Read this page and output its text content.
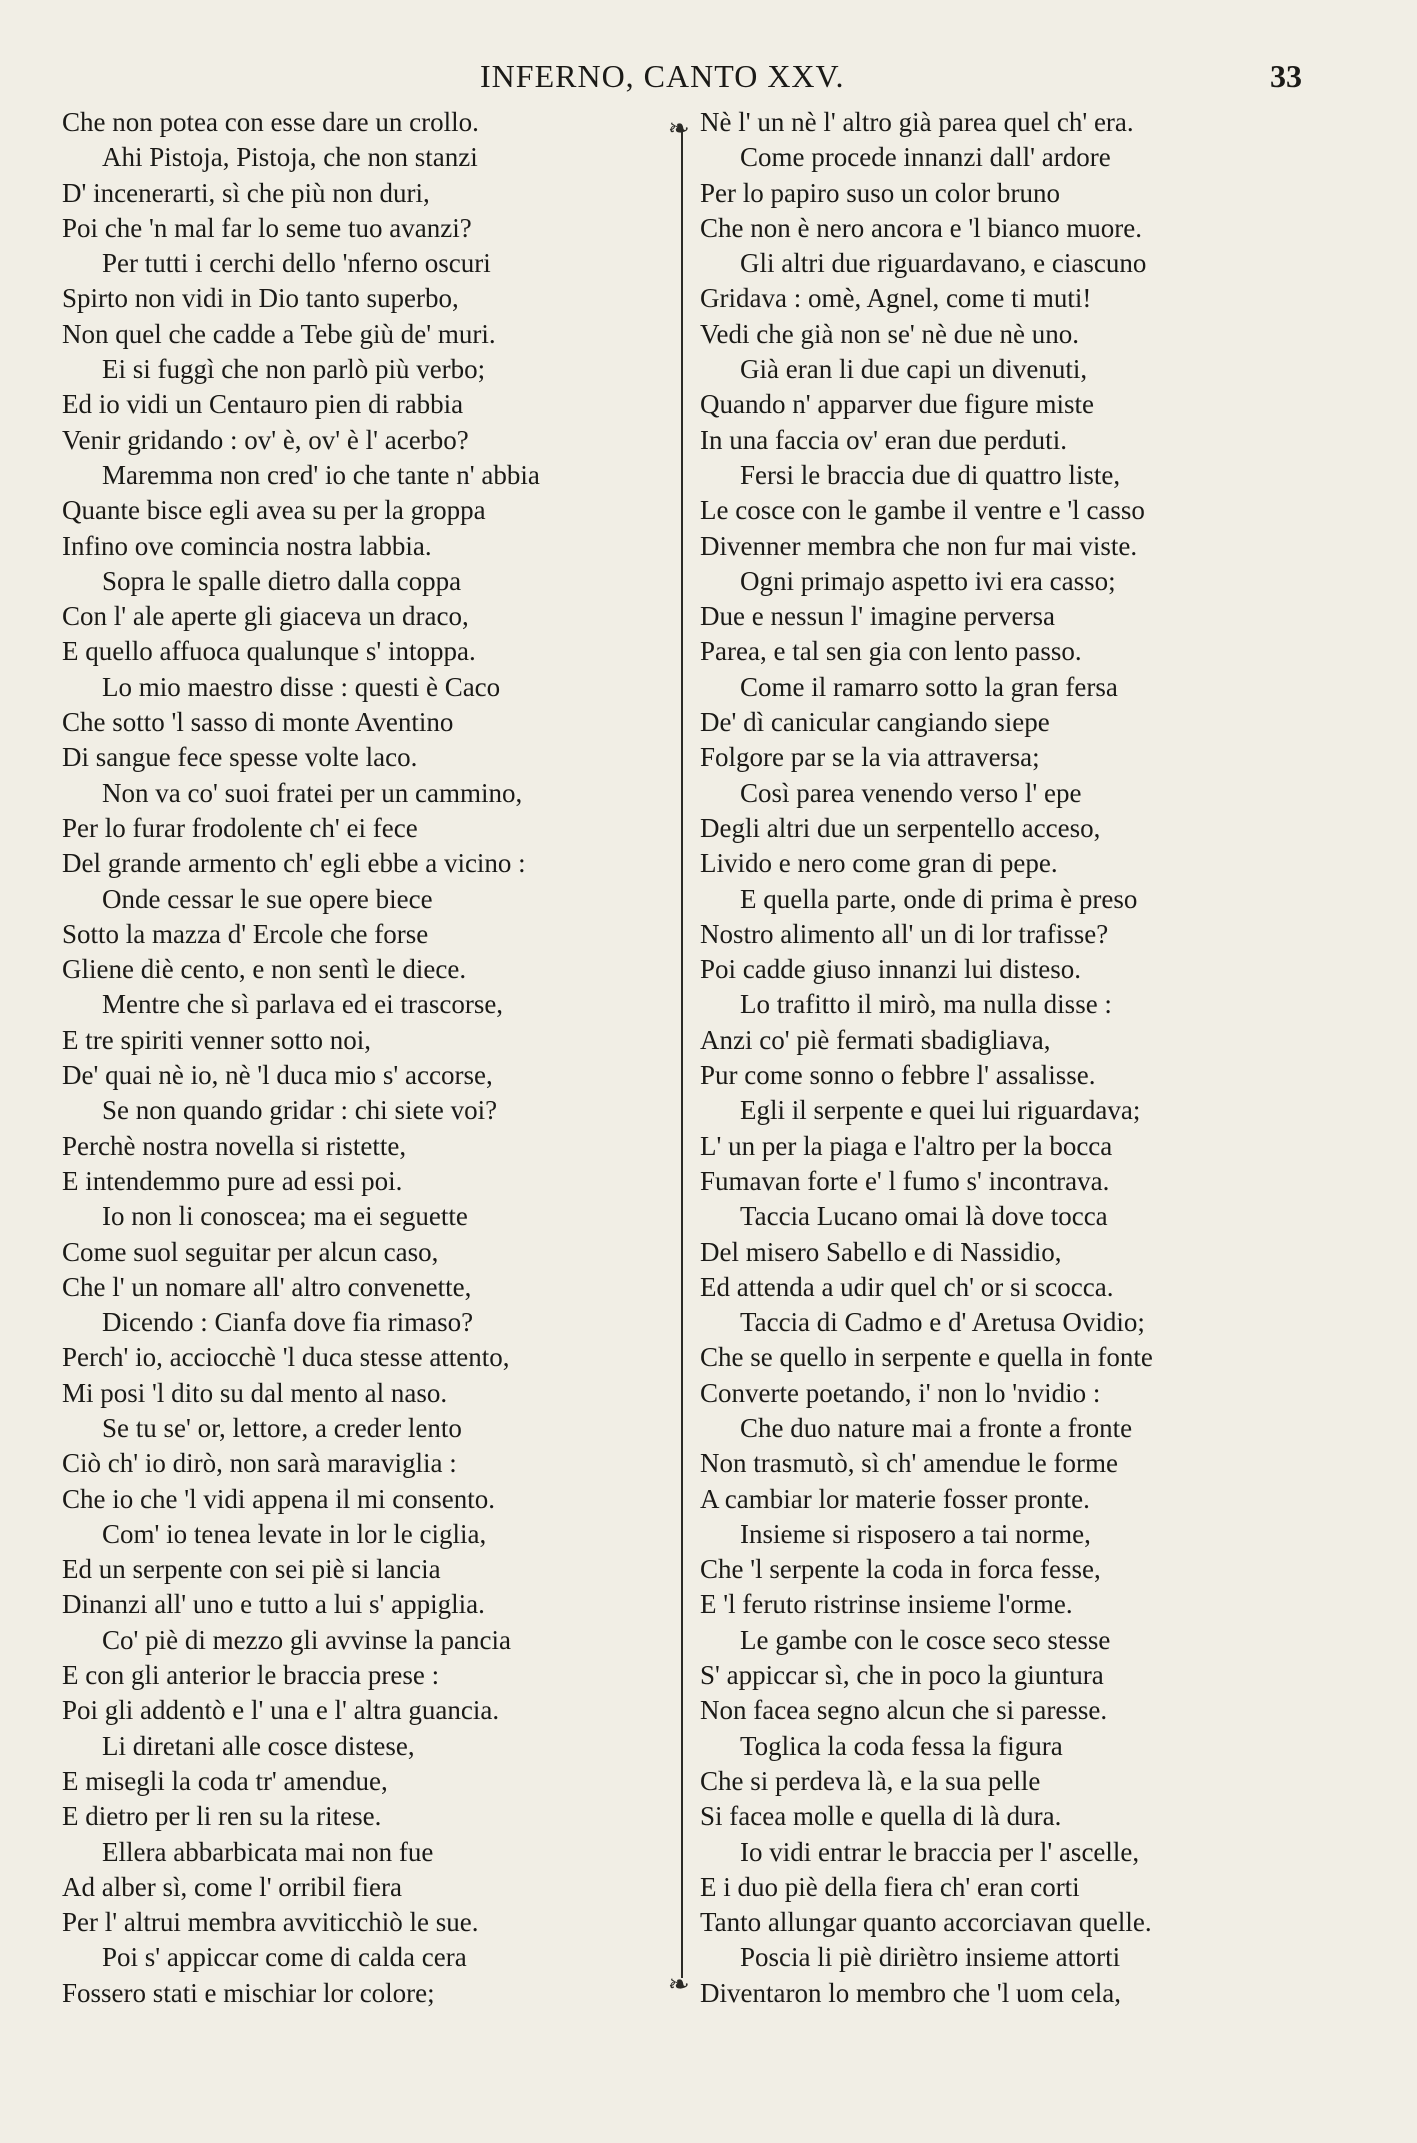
INFERNO, CANTO XXV.	33
Che non potea con esse dare un crollo.
Ahi Pistoja, Pistoja, che non stanzi
D' incenerarti, sì che più non duri,
Poi che 'n mal far lo seme tuo avanzi?
Per tutti i cerchi dello 'nferno oscuri
Spirto non vidi in Dio tanto superbo,
Non quel che cadde a Tebe giù de' muri.
Ei si fuggì che non parlò più verbo;
Ed io vidi un Centauro pien di rabbia
Venir gridando : ov' è, ov' è l' acerbo?
Maremma non cred' io che tante n' abbia
Quante bisce egli avea su per la groppa
Infino ove comincia nostra labbia.
Sopra le spalle dietro dalla coppa
Con l' ale aperte gli giaceva un draco,
E quello affuoca qualunque s' intoppa.
Lo mio maestro disse : questi è Caco
Che sotto 'l sasso di monte Aventino
Di sangue fece spesse volte laco.
Non va co' suoi fratei per un cammino,
Per lo furar frodolente ch' ei fece
Del grande armento ch' egli ebbe a vicino :
Onde cessar le sue opere biece
Sotto la mazza d' Ercole che forse
Gliene diè cento, e non sentì le diece.
Mentre che sì parlava ed ei trascorse,
E tre spiriti venner sotto noi,
De' quai nè io, nè 'l duca mio s' accorse,
Se non quando gridar : chi siete voi?
Perchè nostra novella si ristette,
E intendemmo pure ad essi poi.
Io non li conoscea; ma ei seguette
Come suol seguitar per alcun caso,
Che l' un nomare all' altro convenette,
Dicendo : Cianfa dove fia rimaso?
Perch' io, acciocchè 'l duca stesse attento,
Mi posi 'l dito su dal mento al naso.
Se tu se' or, lettore, a creder lento
Ciò ch' io dirò, non sarà maraviglia :
Che io che 'l vidi appena il mi consento.
Com' io tenea levate in lor le ciglia,
Ed un serpente con sei piè si lancia
Dinanzi all' uno e tutto a lui s' appiglia.
Co' piè di mezzo gli avvinse la pancia
E con gli anterior le braccia prese :
Poi gli addentò e l' una e l' altra guancia.
Li diretani alle cosce distese,
E misegli la coda tr' amendue,
E dietro per li ren su la ritese.
Ellera abbarbicata mai non fue
Ad alber sì, come l' orribil fiera
Per l' altrui membra avviticchiò le sue.
Poi s' appiccar come di calda cera
Fossero stati e mischiar lor colore;
❧
❧
Nè l' un nè l' altro già parea quel ch' era.
Come procede innanzi dall' ardore
Per lo papiro suso un color bruno
Che non è nero ancora e 'l bianco muore.
Gli altri due riguardavano, e ciascuno
Gridava : omè, Agnel, come ti muti!
Vedi che già non se' nè due nè uno.
Già eran li due capi un divenuti,
Quando n' apparver due figure miste
In una faccia ov' eran due perduti.
Fersi le braccia due di quattro liste,
Le cosce con le gambe il ventre e 'l casso
Divenner membra che non fur mai viste.
Ogni primajo aspetto ivi era casso;
Due e nessun l' imagine perversa
Parea, e tal sen gia con lento passo.
Come il ramarro sotto la gran fersa
De' dì canicular cangiando siepe
Folgore par se la via attraversa;
Così parea venendo verso l' epe
Degli altri due un serpentello acceso,
Livido e nero come gran di pepe.
E quella parte, onde di prima è preso
Nostro alimento all' un di lor trafisse?
Poi cadde giuso innanzi lui disteso.
Lo trafitto il mirò, ma nulla disse :
Anzi co' piè fermati sbadigliava,
Pur come sonno o febbre l' assalisse.
Egli il serpente e quei lui riguardava;
L' un per la piaga e l'altro per la bocca
Fumavan forte e' l fumo s' incontrava.
Taccia Lucano omai là dove tocca
Del misero Sabello e di Nassidio,
Ed attenda a udir quel ch' or si scocca.
Taccia di Cadmo e d' Aretusa Ovidio;
Che se quello in serpente e quella in fonte
Converte poetando, i' non lo 'nvidio :
Che duo nature mai a fronte a fronte
Non trasmutò, sì ch' amendue le forme
A cambiar lor materie fosser pronte.
Insieme si risposero a tai norme,
Che 'l serpente la coda in forca fesse,
E 'l feruto ristrinse insieme l'orme.
Le gambe con le cosce seco stesse
S' appiccar sì, che in poco la giuntura
Non facea segno alcun che si paresse.
Toglica la coda fessa la figura
Che si perdeva là, e la sua pelle
Si facea molle e quella di là dura.
Io vidi entrar le braccia per l' ascelle,
E i duo piè della fiera ch' eran corti
Tanto allungar quanto accorciavan quelle.
Poscia li piè diriètro insieme attorti
Diventaron lo membro che 'l uom cela,
